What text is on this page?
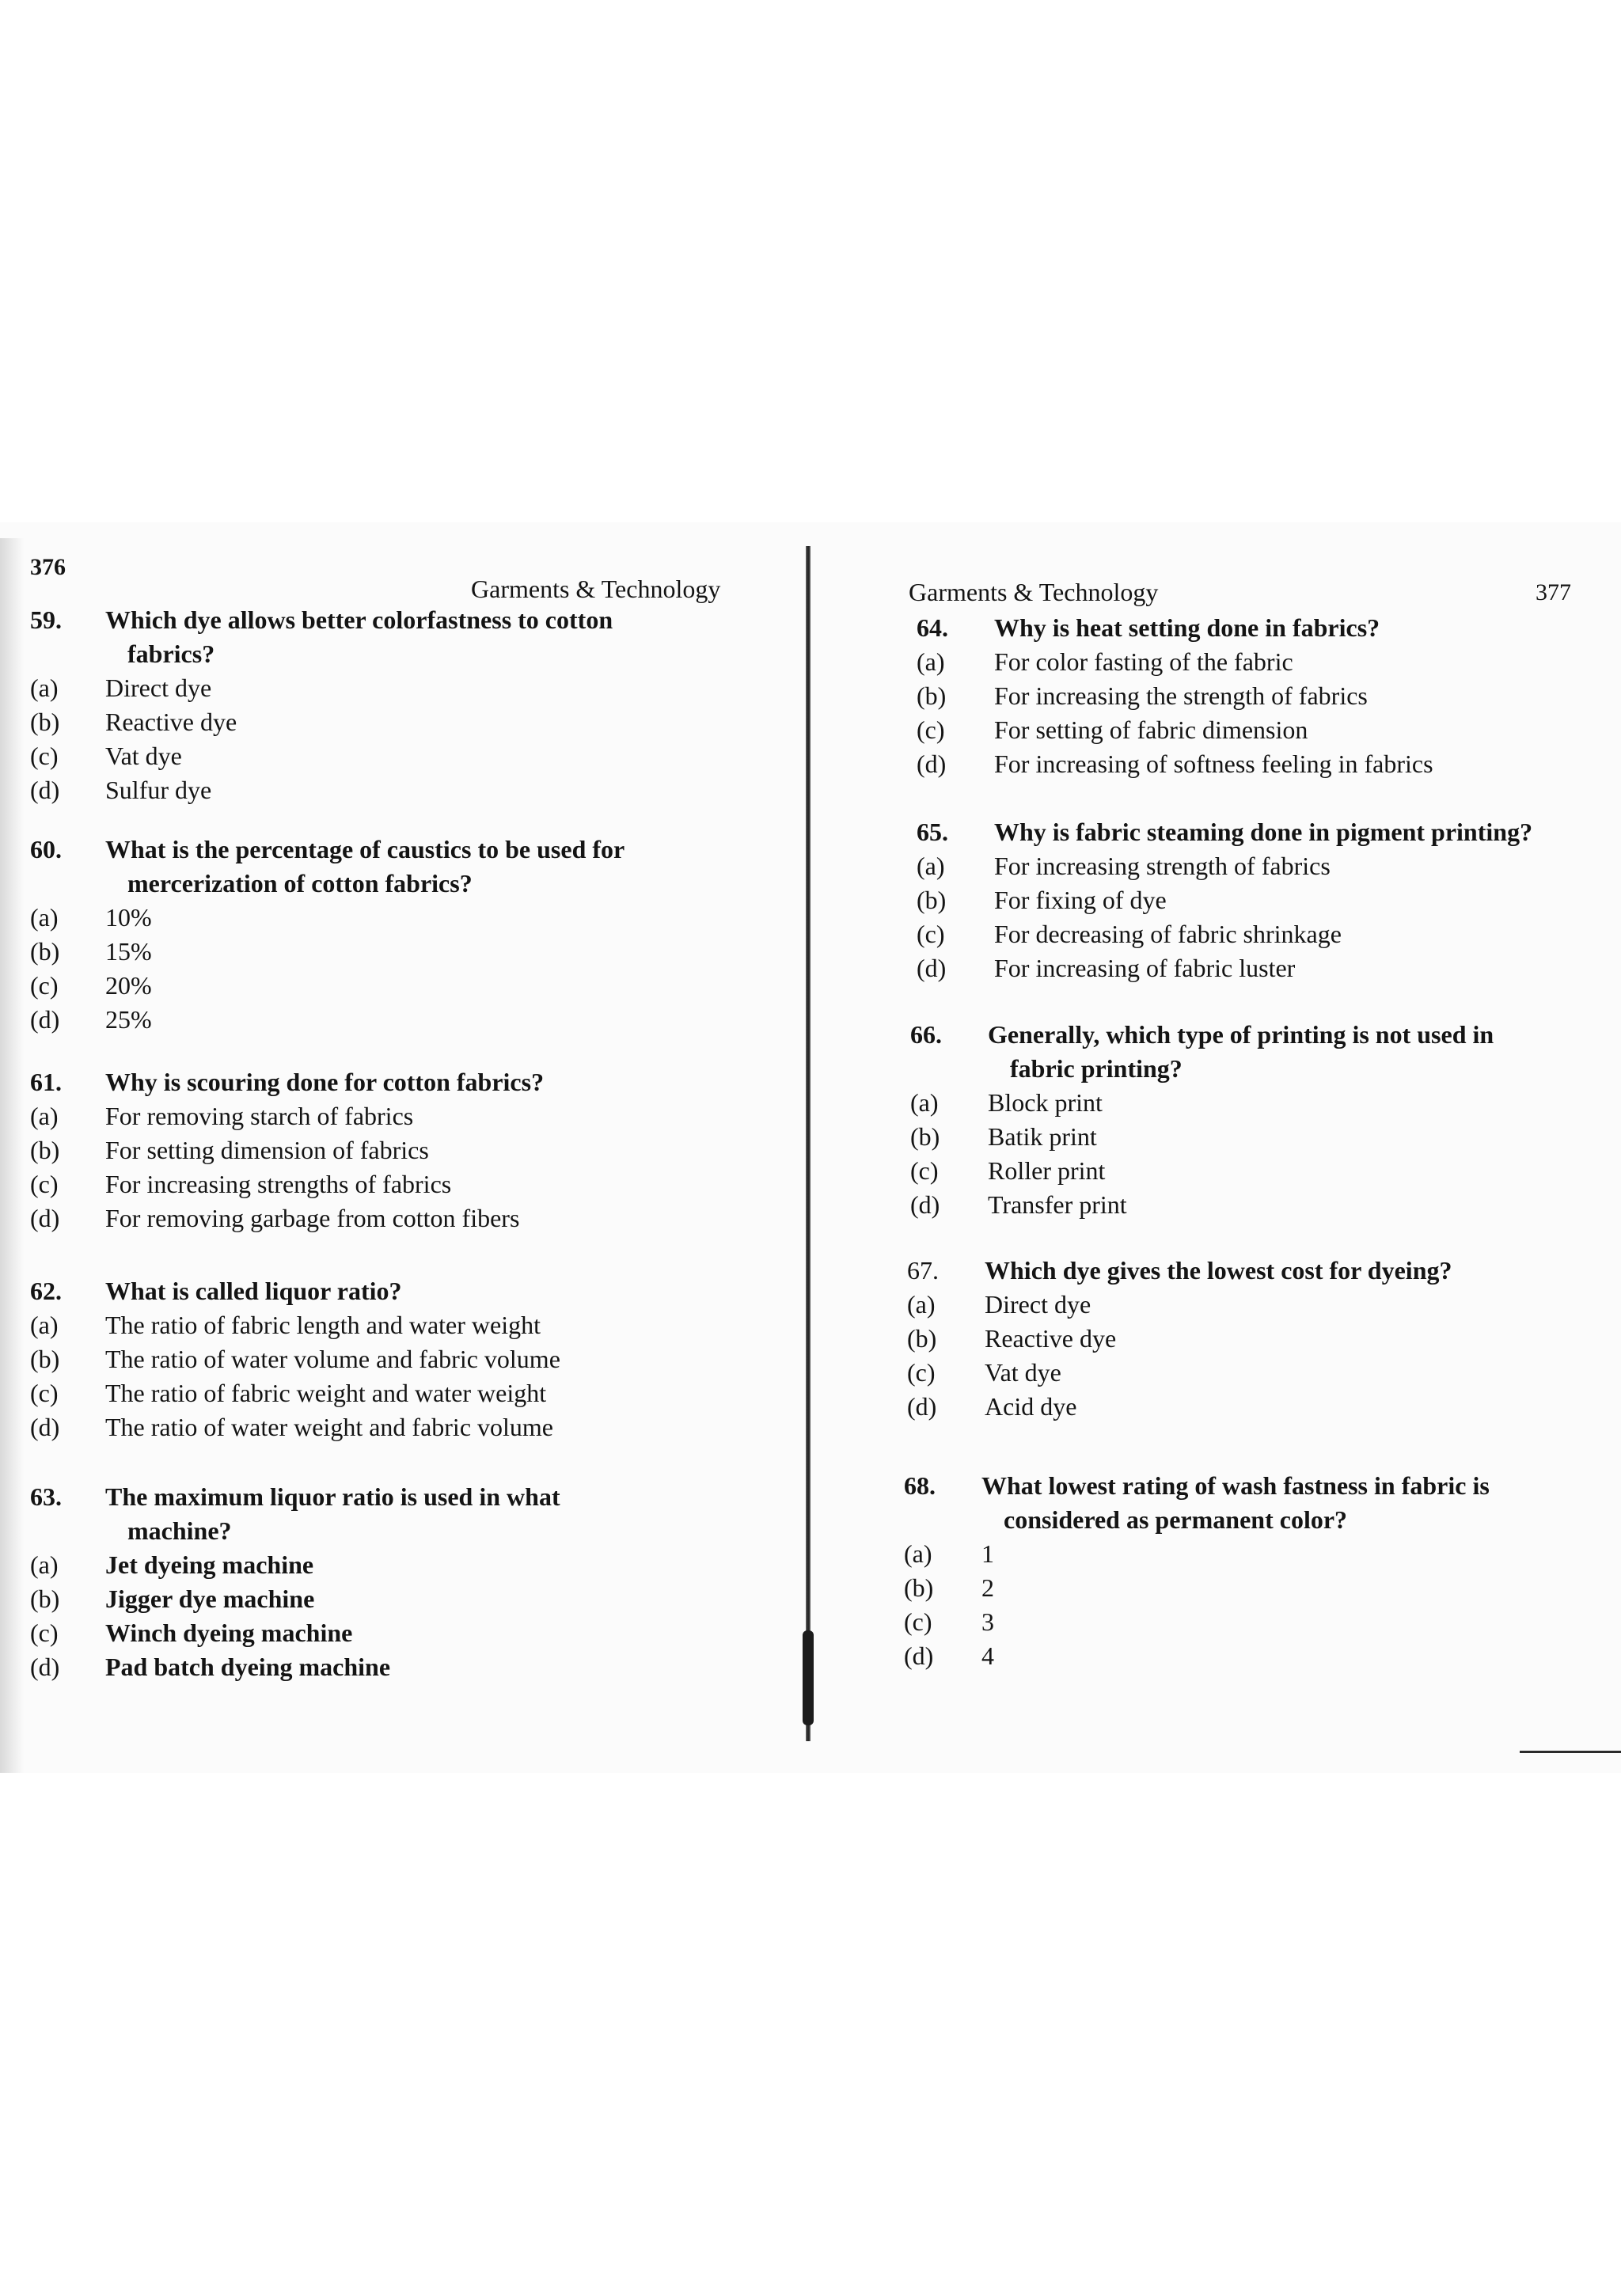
376
Garments & Technology
59.	Which dye allows better colorfastness to cotton
fabrics?
(a)	Direct dye
(b)	Reactive dye
(c)	Vat dye
(d)	Sulfur dye
60.	What is the percentage of caustics to be used for
mercerization of cotton fabrics?
(a)	10%
(b)	15%
(c)	20%
(d)	25%
61.	Why is scouring done for cotton fabrics?
(a)	For removing starch of fabrics
(b)	For setting dimension of fabrics
(c)	For increasing strengths of fabrics
(d)	For removing garbage from cotton fibers
62.	What is called liquor ratio?
(a)	The ratio of fabric length and water weight
(b)	The ratio of water volume and fabric volume
(c)	The ratio of fabric weight and water weight
(d)	The ratio of water weight and fabric volume
63.	The maximum liquor ratio is used in what
machine?
(a)	Jet dyeing machine
(b)	Jigger dye machine
(c)	Winch dyeing machine
(d)	Pad batch dyeing machine
Garments & Technology	377
64.	Why is heat setting done in fabrics?
(a)	For color fasting of the fabric
(b)	For increasing the strength of fabrics
(c)	For setting of fabric dimension
(d)	For increasing of softness feeling in fabrics
65.	Why is fabric steaming done in pigment printing?
(a)	For increasing strength of fabrics
(b)	For fixing of dye
(c)	For decreasing of fabric shrinkage
(d)	For increasing of fabric luster
66.	Generally, which type of printing is not used in
fabric printing?
(a)	Block print
(b)	Batik print
(c)	Roller print
(d)	Transfer print
67.	Which dye gives the lowest cost for dyeing?
(a)	Direct dye
(b)	Reactive dye
(c)	Vat dye
(d)	Acid dye
68.	What lowest rating of wash fastness in fabric is
considered as permanent color?
(a)	1
(b)	2
(c)	3
(d)	4
